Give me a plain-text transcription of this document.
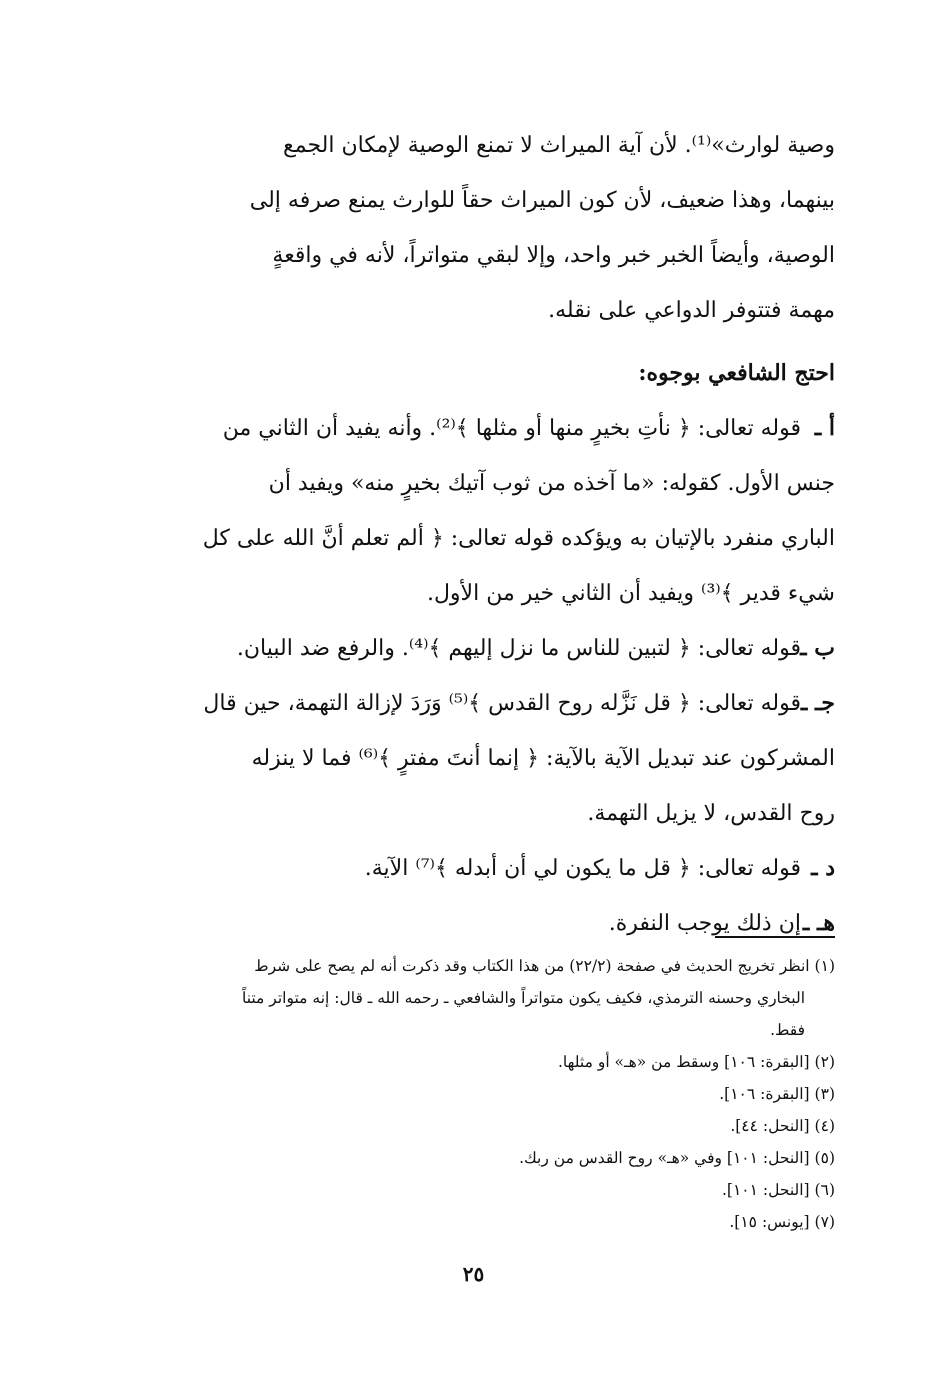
وصية لوارث»⁽¹⁾. لأن آية الميراث لا تمنع الوصية لإمكان الجمع
بينهما، وهذا ضعيف، لأن كون الميراث حقاً للوارث يمنع صرفه إلى
الوصية، وأيضاً الخبر خبر واحد، وإلا لبقي متواتراً، لأنه في واقعةٍ
مهمة فتتوفر الدواعي على نقله.
احتج الشافعي بوجوه:
أ ـ
قوله تعالى: ﴿ نأتِ بخيرٍ منها أو مثلها ﴾⁽²⁾. وأنه يفيد أن الثاني من
جنس الأول. كقوله: «ما آخذه من ثوب آتيك بخيرٍ منه» ويفيد أن
الباري منفرد بالإتيان به ويؤكده قوله تعالى: ﴿ ألم تعلم أنَّ الله على كل
شيء قدير ﴾⁽³⁾ ويفيد أن الثاني خير من الأول.
ب ـ
قوله تعالى: ﴿ لتبين للناس ما نزل إليهم ﴾⁽⁴⁾. والرفع ضد البيان.
جـ ـ
قوله تعالى: ﴿ قل نَزَّله روح القدس ﴾⁽⁵⁾ وَرَدَ لإزالة التهمة، حين قال
المشركون عند تبديل الآية بالآية: ﴿ إنما أنتَ مفترٍ ﴾⁽⁶⁾ فما لا ينزله
روح القدس، لا يزيل التهمة.
د ـ
قوله تعالى: ﴿ قل ما يكون لي أن أبدله ﴾⁽⁷⁾ الآية.
هـ ـ
إن ذلك يوجب النفرة.
(١) انظر تخريج الحديث في صفحة (٢٢/٢) من هذا الكتاب وقد ذكرت أنه لم يصح على شرط
البخاري وحسنه الترمذي، فكيف يكون متواتراً والشافعي ـ رحمه الله ـ قال: إنه متواتر متناً
فقط.
(٢) [البقرة: ١٠٦] وسقط من «هـ» أو مثلها.
(٣) [البقرة: ١٠٦].
(٤) [النحل: ٤٤].
(٥) [النحل: ١٠١] وفي «هـ» روح القدس من ربك.
(٦) [النحل: ١٠١].
(٧) [يونس: ١٥].
٢٥
